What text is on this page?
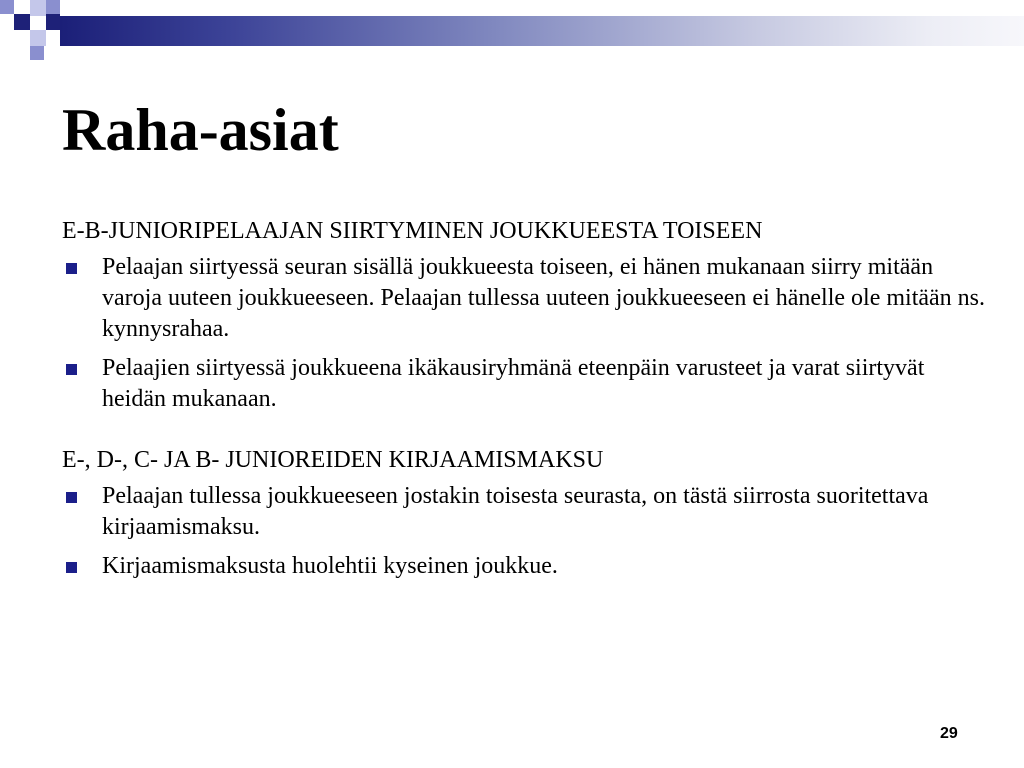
Raha-asiat
E-B-JUNIORIPELAAJAN SIIRTYMINEN JOUKKUEESTA TOISEEN
Pelaajan siirtyessä seuran sisällä joukkueesta toiseen, ei hänen mukanaan siirry mitään varoja uuteen joukkueeseen. Pelaajan tullessa uuteen joukkueeseen ei hänelle ole mitään ns. kynnysrahaa.
Pelaajien siirtyessä joukkueena ikäkausiryhmänä eteenpäin varusteet ja varat siirtyvät heidän mukanaan.
E-, D-, C- JA B- JUNIOREIDEN KIRJAAMISMAKSU
Pelaajan tullessa joukkueeseen jostakin toisesta seurasta, on tästä siirrosta suoritettava kirjaamismaksu.
Kirjaamismaksusta huolehtii kyseinen joukkue.
29
